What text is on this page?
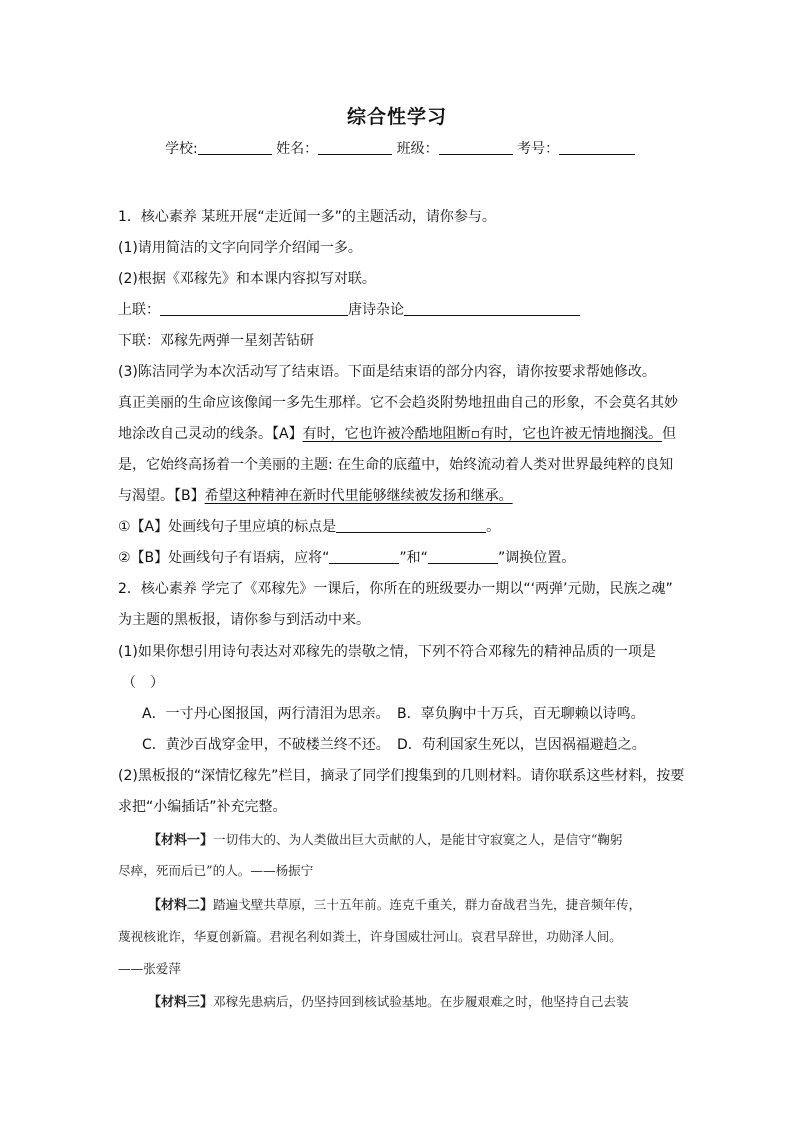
综合性学习
学校:	姓名：	班级：	考号：
1．核心素养 某班开展“走近闻一多”的主题活动，请你参与。
(1)请用简洁的文字向同学介绍闻一多。
(2)根据《邓稼先》和本课内容拟写对联。
上联：	唐诗杂论
下联：邓稼先两弹一星刻苦钻研
(3)陈洁同学为本次活动写了结束语。下面是结束语的部分内容，请你按要求帮她修改。
真正美丽的生命应该像闻一多先生那样。它不会趋炎附势地扭曲自己的形象，不会莫名其妙
地涂改自己灵动的线条。【A】有时，它也许被冷酷地阻断▫有时，它也许被无情地搁浅。但
是，它始终高扬着一个美丽的主题: 在生命的底蕴中，始终流动着人类对世界最纯粹的良知
与渴望。【B】希望这种精神在新时代里能够继续被发扬和继承。
①【A】处画线句子里应填的标点是	。
②【B】处画线句子有语病，应将“	”和“	”调换位置。
2．核心素养 学完了《邓稼先》一课后，你所在的班级要办一期以“‘两弹’元勋，民族之魂”
为主题的黑板报，请你参与到活动中来。
(1)如果你想引用诗句表达对邓稼先的崇敬之情，下列不符合邓稼先的精神品质的一项是
（　）
A．一寸丹心图报国，两行清泪为思亲。 B．辜负胸中十万兵，百无聊赖以诗鸣。
C．黄沙百战穿金甲，不破楼兰终不还。 D．苟利国家生死以，岂因祸福避趋之。
(2)黑板报的“深情忆稼先”栏目，摘录了同学们搜集到的几则材料。请你联系这些材料，按要
求把“小编插话”补充完整。
【材料一】一切伟大的、为人类做出巨大贡献的人，是能甘守寂寞之人，是信守“鞠躬
尽瘁，死而后已”的人。——杨振宁
【材料二】踏遍戈壁共草原，三十五年前。连克千重关，群力奋战君当先，捷音频年传，
蔑视核讹诈，华夏创新篇。君视名利如粪土，许身国威壮河山。哀君早辞世，功勋泽人间。
——张爱萍
【材料三】邓稼先患病后，仍坚持回到核试验基地。在步履艰难之时，他坚持自己去装
